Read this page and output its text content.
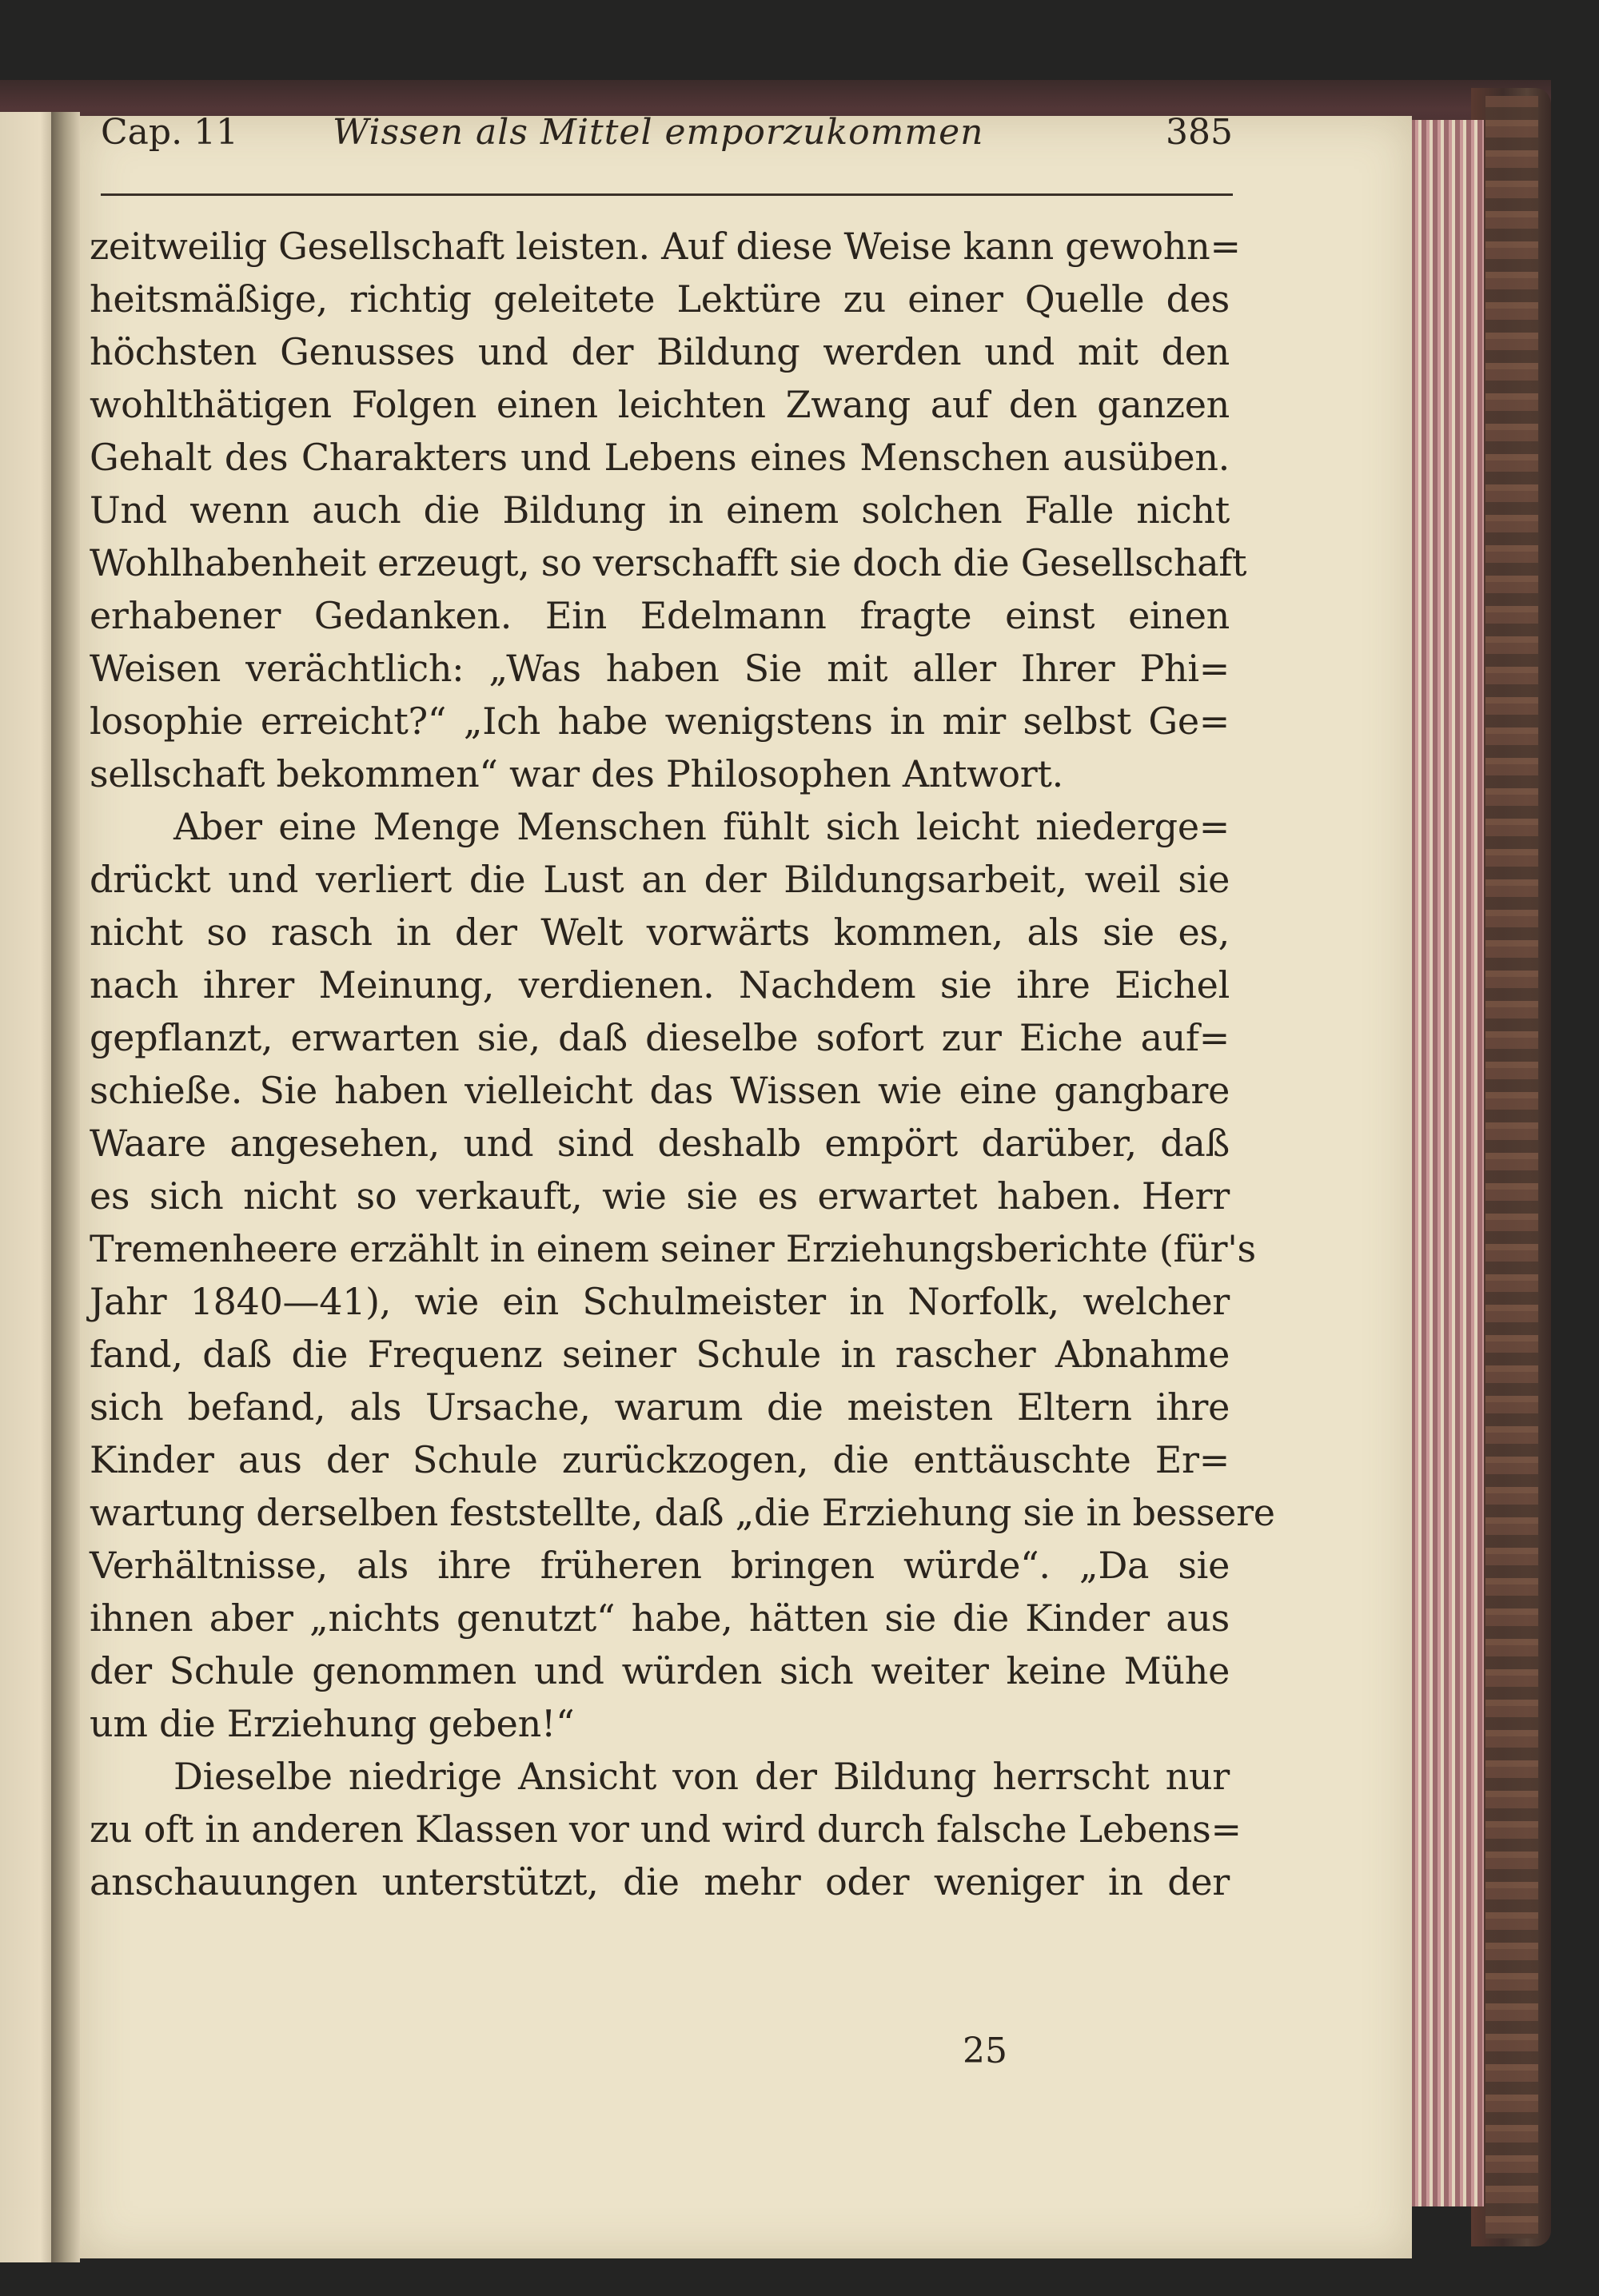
Cap. 11	Wissen als Mittel emporzukommen	385
zeitweilig Gesellschaft leisten. Auf diese Weise kann gewohn=
heitsmäßige, richtig geleitete Lektüre zu einer Quelle des
höchsten Genusses und der Bildung werden und mit den
wohlthätigen Folgen einen leichten Zwang auf den ganzen
Gehalt des Charakters und Lebens eines Menschen ausüben.
Und wenn auch die Bildung in einem solchen Falle nicht
Wohlhabenheit erzeugt, so verschafft sie doch die Gesellschaft
erhabener Gedanken. Ein Edelmann fragte einst einen
Weisen verächtlich: „Was haben Sie mit aller Ihrer Phi=
losophie erreicht?“ „Ich habe wenigstens in mir selbst Ge=
sellschaft bekommen“ war des Philosophen Antwort.
Aber eine Menge Menschen fühlt sich leicht niederge=
drückt und verliert die Lust an der Bildungsarbeit, weil sie
nicht so rasch in der Welt vorwärts kommen, als sie es,
nach ihrer Meinung, verdienen. Nachdem sie ihre Eichel
gepflanzt, erwarten sie, daß dieselbe sofort zur Eiche auf=
schieße. Sie haben vielleicht das Wissen wie eine gangbare
Waare angesehen, und sind deshalb empört darüber, daß
es sich nicht so verkauft, wie sie es erwartet haben. Herr
Tremenheere erzählt in einem seiner Erziehungsberichte (für's
Jahr 1840—41), wie ein Schulmeister in Norfolk, welcher
fand, daß die Frequenz seiner Schule in rascher Abnahme
sich befand, als Ursache, warum die meisten Eltern ihre
Kinder aus der Schule zurückzogen, die enttäuschte Er=
wartung derselben feststellte, daß „die Erziehung sie in bessere
Verhältnisse, als ihre früheren bringen würde“. „Da sie
ihnen aber „nichts genutzt“ habe, hätten sie die Kinder aus
der Schule genommen und würden sich weiter keine Mühe
um die Erziehung geben!“
Dieselbe niedrige Ansicht von der Bildung herrscht nur
zu oft in anderen Klassen vor und wird durch falsche Lebens=
anschauungen unterstützt, die mehr oder weniger in der
25
